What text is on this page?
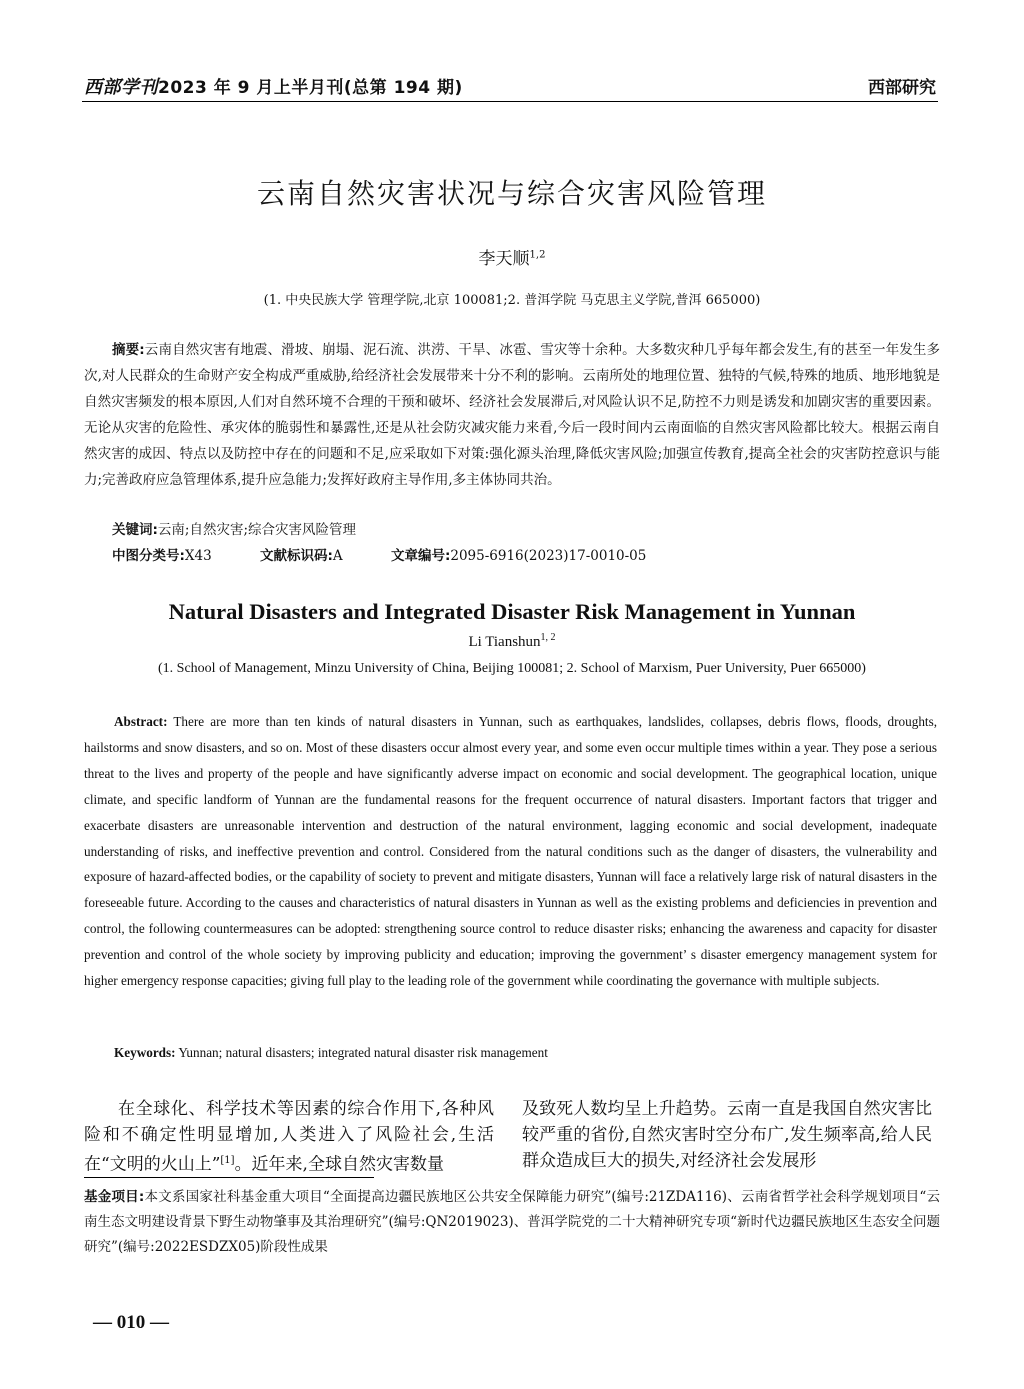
西部学刊2023 年 9 月上半月刊(总第 194 期)	西部研究
云南自然灾害状况与综合灾害风险管理
李天顺$^{1,2}$
(1. 中央民族大学 管理学院,北京 100081;2. 普洱学院 马克思主义学院,普洱 665000)
摘要:云南自然灾害有地震、滑坡、崩塌、泥石流、洪涝、干旱、冰雹、雪灾等十余种。大多数灾种几乎每年都会发生,有的甚至一年发生多次,对人民群众的生命财产安全构成严重威胁,给经济社会发展带来十分不利的影响。云南所处的地理位置、独特的气候,特殊的地质、地形地貌是自然灾害频发的根本原因,人们对自然环境不合理的干预和破坏、经济社会发展滞后,对风险认识不足,防控不力则是诱发和加剧灾害的重要因素。无论从灾害的危险性、承灾体的脆弱性和暴露性,还是从社会防灾减灾能力来看,今后一段时间内云南面临的自然灾害风险都比较大。根据云南自然灾害的成因、特点以及防控中存在的问题和不足,应采取如下对策:强化源头治理,降低灾害风险;加强宣传教育,提高全社会的灾害防控意识与能力;完善政府应急管理体系,提升应急能力;发挥好政府主导作用,多主体协同共治。
关键词:云南;自然灾害;综合灾害风险管理
中图分类号:X43	文献标识码:A	文章编号:2095-6916(2023)17-0010-05
Natural Disasters and Integrated Disaster Risk Management in Yunnan
Li Tianshun$^{1, 2}$
(1. School of Management, Minzu University of China, Beijing 100081; 2. School of Marxism, Puer University, Puer 665000)
Abstract: There are more than ten kinds of natural disasters in Yunnan, such as earthquakes, landslides, collapses, debris flows, floods, droughts, hailstorms and snow disasters, and so on. Most of these disasters occur almost every year, and some even occur multiple times within a year. They pose a serious threat to the lives and property of the people and have significantly adverse impact on economic and social development. The geographical location, unique climate, and specific landform of Yunnan are the fundamental reasons for the frequent occurrence of natural disasters. Important factors that trigger and exacerbate disasters are unreasonable intervention and destruction of the natural environment, lagging economic and social development, inadequate understanding of risks, and ineffective prevention and control. Considered from the natural conditions such as the danger of disasters, the vulnerability and exposure of hazard-affected bodies, or the capability of society to prevent and mitigate disasters, Yunnan will face a relatively large risk of natural disasters in the foreseeable future. According to the causes and characteristics of natural disasters in Yunnan as well as the existing problems and deficiencies in prevention and control, the following countermeasures can be adopted: strengthening source control to reduce disaster risks; enhancing the awareness and capacity for disaster prevention and control of the whole society by improving publicity and education; improving the government’ s disaster emergency management system for higher emergency response capacities; giving full play to the leading role of the government while coordinating the governance with multiple subjects.
Keywords: Yunnan; natural disasters; integrated natural disaster risk management
在全球化、科学技术等因素的综合作用下,各种风险和不确定性明显增加,人类进入了风险社会,生活在“文明的火山上”[1]。近年来,全球自然灾害数量
及致死人数均呈上升趋势。云南一直是我国自然灾害比较严重的省份,自然灾害时空分布广,发生频率高,给人民群众造成巨大的损失,对经济社会发展形
基金项目:本文系国家社科基金重大项目“全面提高边疆民族地区公共安全保障能力研究”(编号:21ZDA116)、云南省哲学社会科学规划项目“云南生态文明建设背景下野生动物肇事及其治理研究”(编号:QN2019023)、普洱学院党的二十大精神研究专项“新时代边疆民族地区生态安全问题研究”(编号:2022ESDZX05)阶段性成果
— 010 —
